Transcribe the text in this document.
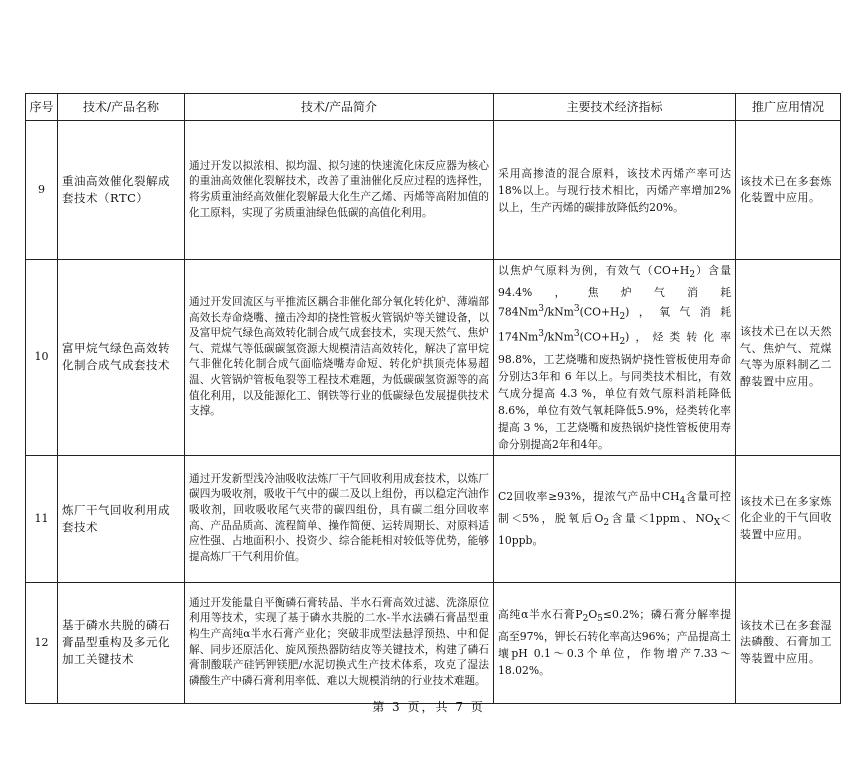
序号	技术/产品名称	技术/产品简介	主要技术经济指标	推广应用情况
9	重油高效催化裂解成套技术（RTC）	通过开发以拟浓相、拟均温、拟匀速的快速流化床反应器为核心的重油高效催化裂解技术，改善了重油催化反应过程的选择性，将劣质重油经高效催化裂解最大化生产乙烯、丙烯等高附加值的化工原料，实现了劣质重油绿色低碳的高值化利用。	采用高掺渣的混合原料，该技术丙烯产率可达18%以上。与现行技术相比，丙烯产率增加2%以上，生产丙烯的碳排放降低约20%。	该技术已在多套炼化装置中应用。
10	富甲烷气绿色高效转化制合成气成套技术	通过开发回流区与平推流区耦合非催化部分氧化转化炉、薄端部高效长寿命烧嘴、撞击冷却的挠性管板火管锅炉等关键设备，以及富甲烷气绿色高效转化制合成气成套技术，实现天然气、焦炉气、荒煤气等低碳碳氢资源大规模清洁高效转化，解决了富甲烷气非催化转化制合成气面临烧嘴寿命短、转化炉拱顶壳体易超温、火管锅炉管板龟裂等工程技术难题，为低碳碳氢资源等的高值化利用，以及能源化工、钢铁等行业的低碳绿色发展提供技术支撑。	以焦炉气原料为例，有效气$(CO+H_2)$含量 94.4%，焦炉气消耗$784Nm^3/kNm^3(CO+H_2)$，氧气消耗$174Nm^3/kNm^3(CO+H_2)$，烃类转化率98.8%，工艺烧嘴和废热锅炉挠性管板使用寿命分别达3年和 6 年以上。与同类技术相比，有效气成分提高 4.3 %，单位有效气原料消耗降低 8.6%，单位有效气氧耗降低5.9%，烃类转化率提高 3 %，工艺烧嘴和废热锅炉挠性管板使用寿命分别提高2年和4年。	该技术已在以天然气、焦炉气、荒煤气等为原料制乙二醇装置中应用。
11	炼厂干气回收利用成套技术	通过开发新型浅冷油吸收法炼厂干气回收利用成套技术，以炼厂碳四为吸收剂，吸收干气中的碳二及以上组份，再以稳定汽油作吸收剂，回收吸收尾气夹带的碳四组份，具有碳二组分回收率高、产品品质高、流程简单、操作简便、运转周期长、对原料适应性强、占地面积小、投资少、综合能耗相对较低等优势，能够提高炼厂干气利用价值。	C2回收率≥93%，提浓气产品中$CH_4$含量可控制＜5%，脱氧后$O_2$含量＜1ppm、$NO_X<10ppb$。	该技术已在多家炼化企业的干气回收装置中应用。
12	基于磷水共脱的磷石膏晶型重构及多元化加工关键技术	通过开发能量自平衡磷石膏转晶、半水石膏高效过滤、洗涤原位利用等技术，实现了基于磷水共脱的二水-半水法磷石膏晶型重构生产高纯α半水石膏产业化；突破非成型法悬浮预热、中和促解、同步还原活化、旋风预热器防结皮等关键技术，构建了磷石膏制酸联产硅钙钾镁肥/水泥切换式生产技术体系，攻克了湿法磷酸生产中磷石膏利用率低、难以大规模消纳的行业技术难题。	高纯α半水石膏$P_2O_5\le 0.2\%$；磷石膏分解率提高至97%，钾长石转化率高达96%；产品提高土壤pH 0.1～0.3个单位，作物增产7.33～18.02%。	该技术已在多套湿法磷酸、石膏加工等装置中应用。
第 3 页，共 7 页
